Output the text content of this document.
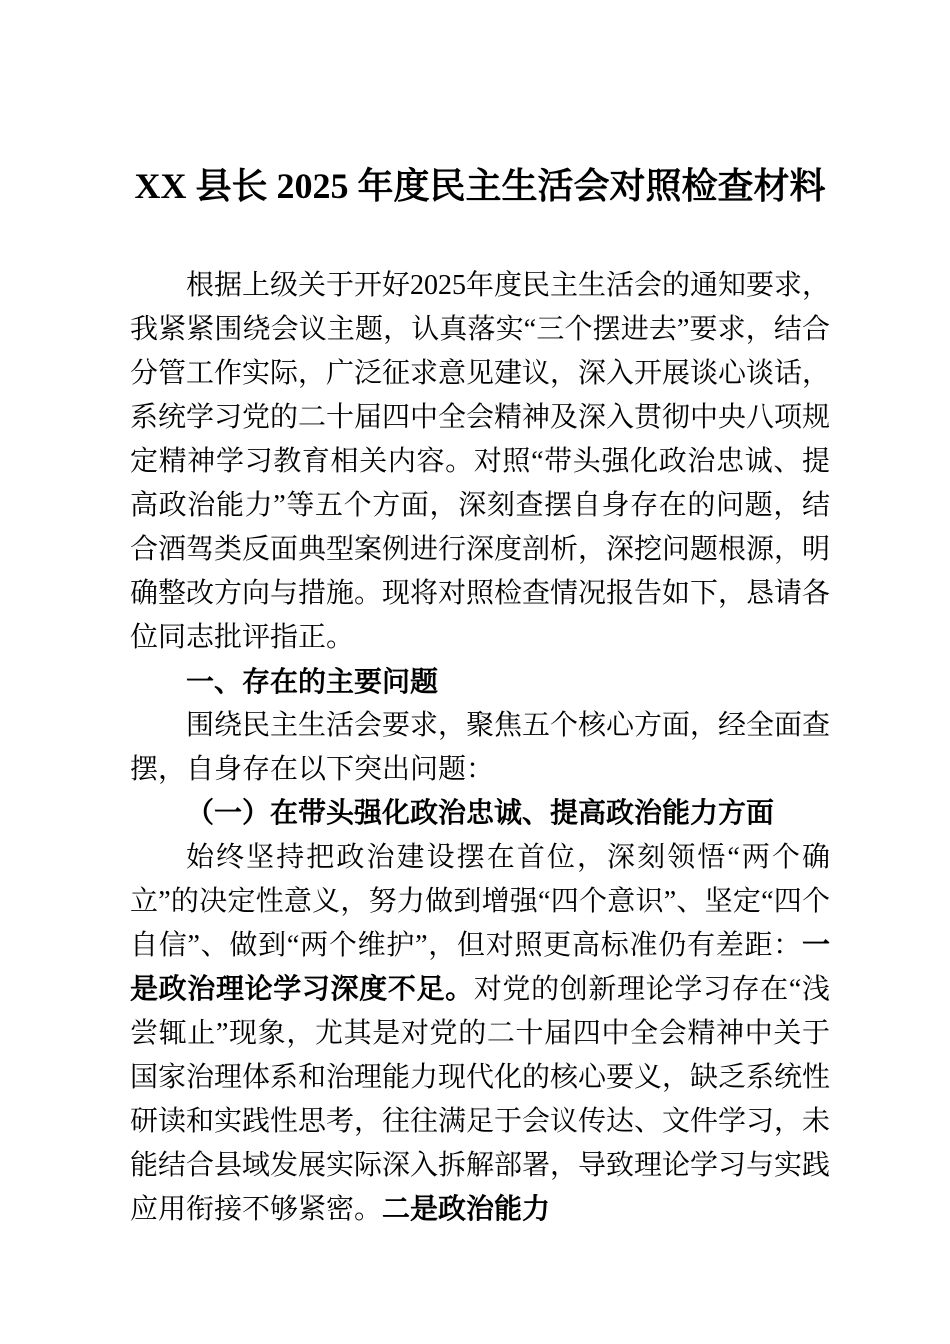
XX 县长 2025 年度民主生活会对照检查材料

根据上级关于开好2025年度民主生活会的通知要求，我紧紧围绕会议主题，认真落实“三个摆进去”要求，结合分管工作实际，广泛征求意见建议，深入开展谈心谈话，系统学习党的二十届四中全会精神及深入贯彻中央八项规定精神学习教育相关内容。对照“带头强化政治忠诚、提高政治能力”等五个方面，深刻查摆自身存在的问题，结合酒驾类反面典型案例进行深度剖析，深挖问题根源，明确整改方向与措施。现将对照检查情况报告如下，恳请各位同志批评指正。

一、存在的主要问题

围绕民主生活会要求，聚焦五个核心方面，经全面查摆，自身存在以下突出问题：

（一）在带头强化政治忠诚、提高政治能力方面

始终坚持把政治建设摆在首位，深刻领悟“两个确立”的决定性意义，努力做到增强“四个意识”、坚定“四个自信”、做到“两个维护”，但对照更高标准仍有差距：一是政治理论学习深度不足。对党的创新理论学习存在“浅尝辄止”现象，尤其是对党的二十届四中全会精神中关于国家治理体系和治理能力现代化的核心要义，缺乏系统性研读和实践性思考，往往满足于会议传达、文件学习，未能结合县域发展实际深入拆解部署，导致理论学习与实践应用衔接不够紧密。二是政治能力
